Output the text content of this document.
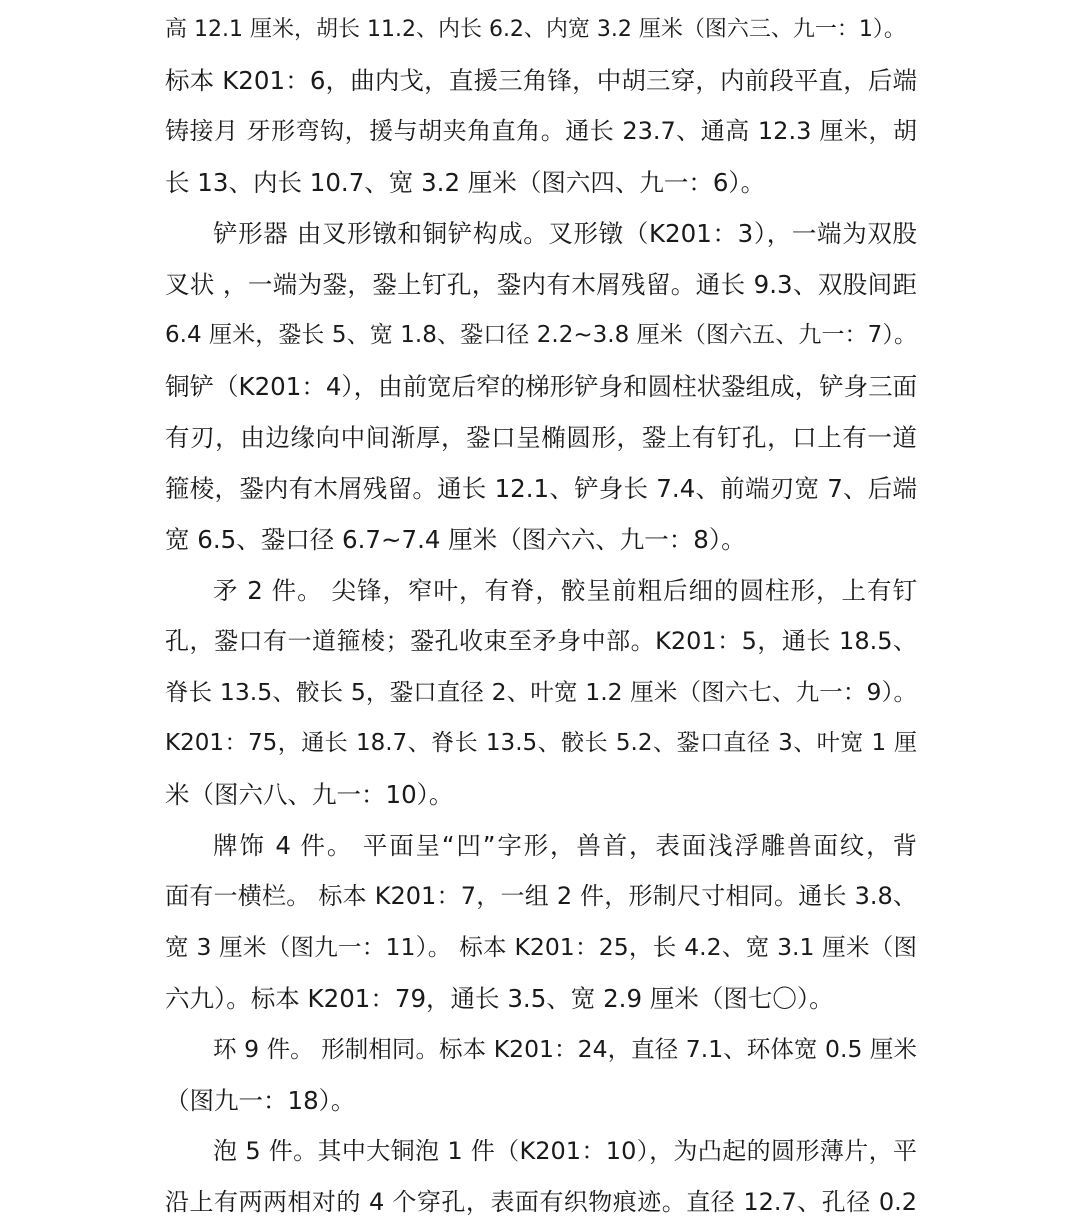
高 12.1 厘米，胡长 11.2、内长 6.2、内宽 3.2 厘米（图六三、九一：1）。
标本 K201：6，曲内戈，直援三角锋，中胡三穿，内前段平直，后端
铸接月 牙形弯钩，援与胡夹角直角。通长 23.7、通高 12.3 厘米，胡
长 13、内长 10.7、宽 3.2 厘米（图六四、九一：6）。
铲形器 由叉形镦和铜铲构成。叉形镦（K201：3），一端为双股
叉状 ，一端为銎，銎上钉孔，銎内有木屑残留。通长 9.3、双股间距
6.4 厘米，銎长 5、宽 1.8、銎口径 2.2~3.8 厘米（图六五、九一：7）。
铜铲（K201：4），由前宽后窄的梯形铲身和圆柱状銎组成，铲身三面
有刃，由边缘向中间渐厚，銎口呈椭圆形，銎上有钉孔，口上有一道
箍棱，銎内有木屑残留。通长 12.1、铲身长 7.4、前端刃宽 7、后端
宽 6.5、銎口径 6.7~7.4 厘米（图六六、九一：8）。
矛 2 件。 尖锋，窄叶，有脊，骹呈前粗后细的圆柱形，上有钉
孔，銎口有一道箍棱；銎孔收束至矛身中部。K201：5，通长 18.5、
脊长 13.5、骹长 5，銎口直径 2、叶宽 1.2 厘米（图六七、九一：9）。
K201：75，通长 18.7、脊长 13.5、骹长 5.2、銎口直径 3、叶宽 1 厘
米（图六八、九一：10）。
牌饰 4 件。 平面呈“凹”字形，兽首，表面浅浮雕兽面纹，背
面有一横栏。 标本 K201：7，一组 2 件，形制尺寸相同。通长 3.8、
宽 3 厘米（图九一：11）。 标本 K201：25，长 4.2、宽 3.1 厘米（图
六九）。标本 K201：79，通长 3.5、宽 2.9 厘米（图七〇）。
环 9 件。 形制相同。标本 K201：24，直径 7.1、环体宽 0.5 厘米
（图九一：18）。
泡 5 件。其中大铜泡 1 件（K201：10），为凸起的圆形薄片，平
沿上有两两相对的 4 个穿孔，表面有织物痕迹。直径 12.7、孔径 0.2
